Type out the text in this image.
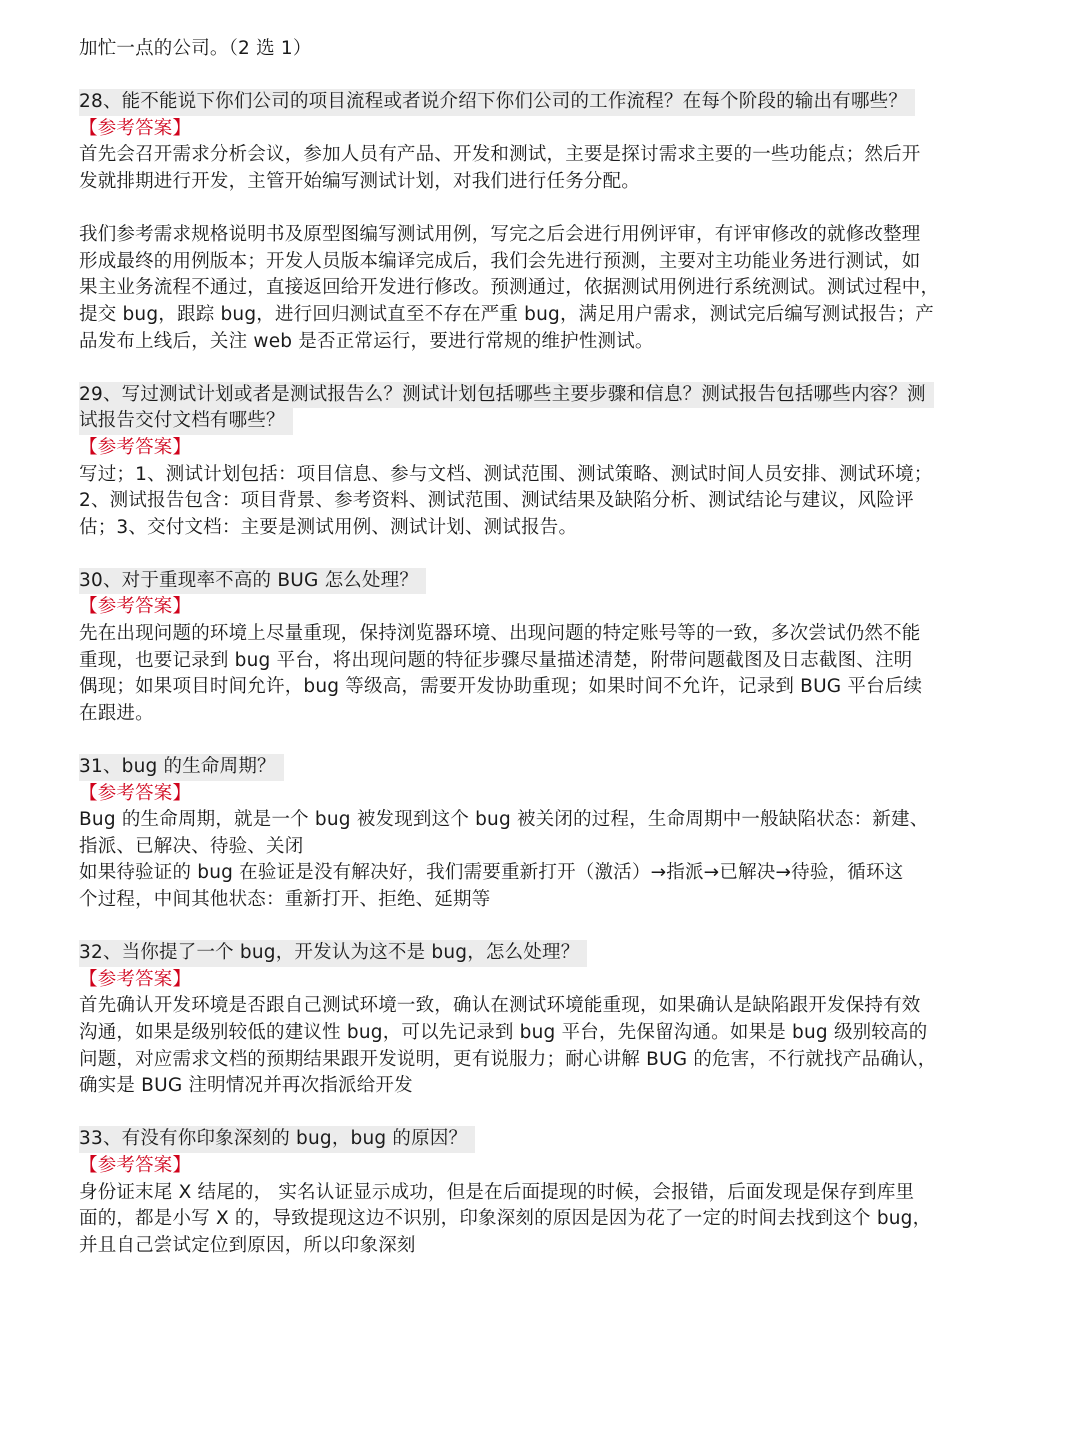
加忙一点的公司。（2 选 1）
28、能不能说下你们公司的项目流程或者说介绍下你们公司的工作流程？在每个阶段的输出有哪些？
【参考答案】
首先会召开需求分析会议，参加人员有产品、开发和测试，主要是探讨需求主要的一些功能点；然后开
发就排期进行开发，主管开始编写测试计划，对我们进行任务分配。
我们参考需求规格说明书及原型图编写测试用例，写完之后会进行用例评审，有评审修改的就修改整理
形成最终的用例版本；开发人员版本编译完成后，我们会先进行预测，主要对主功能业务进行测试，如
果主业务流程不通过，直接返回给开发进行修改。预测通过，依据测试用例进行系统测试。测试过程中，
提交 bug，跟踪 bug，进行回归测试直至不存在严重 bug，满足用户需求，测试完后编写测试报告；产
品发布上线后，关注 web 是否正常运行，要进行常规的维护性测试。
29、写过测试计划或者是测试报告么？测试计划包括哪些主要步骤和信息？测试报告包括哪些内容？测
试报告交付文档有哪些？
【参考答案】
写过；1、测试计划包括：项目信息、参与文档、测试范围、测试策略、测试时间人员安排、测试环境；
2、测试报告包含：项目背景、参考资料、测试范围、测试结果及缺陷分析、测试结论与建议，风险评
估；3、交付文档：主要是测试用例、测试计划、测试报告。
30、对于重现率不高的 BUG 怎么处理？
【参考答案】
先在出现问题的环境上尽量重现，保持浏览器环境、出现问题的特定账号等的一致，多次尝试仍然不能
重现，也要记录到 bug 平台，将出现问题的特征步骤尽量描述清楚，附带问题截图及日志截图、注明
偶现；如果项目时间允许，bug 等级高，需要开发协助重现；如果时间不允许，记录到 BUG 平台后续
在跟进。
31、bug 的生命周期？
【参考答案】
Bug 的生命周期，就是一个 bug 被发现到这个 bug 被关闭的过程，生命周期中一般缺陷状态：新建、
指派、已解决、待验、关闭
如果待验证的 bug 在验证是没有解决好，我们需要重新打开（激活）→指派→已解决→待验，循环这
个过程，中间其他状态：重新打开、拒绝、延期等
32、当你提了一个 bug，开发认为这不是 bug，怎么处理？
【参考答案】
首先确认开发环境是否跟自己测试环境一致，确认在测试环境能重现，如果确认是缺陷跟开发保持有效
沟通，如果是级别较低的建议性 bug，可以先记录到 bug 平台，先保留沟通。如果是 bug 级别较高的
问题，对应需求文档的预期结果跟开发说明，更有说服力；耐心讲解 BUG 的危害，不行就找产品确认，
确实是 BUG 注明情况并再次指派给开发
33、有没有你印象深刻的 bug，bug 的原因？
【参考答案】
身份证末尾 X 结尾的， 实名认证显示成功，但是在后面提现的时候，会报错，后面发现是保存到库里
面的，都是小写 X 的，导致提现这边不识别，印象深刻的原因是因为花了一定的时间去找到这个 bug，
并且自己尝试定位到原因，所以印象深刻
